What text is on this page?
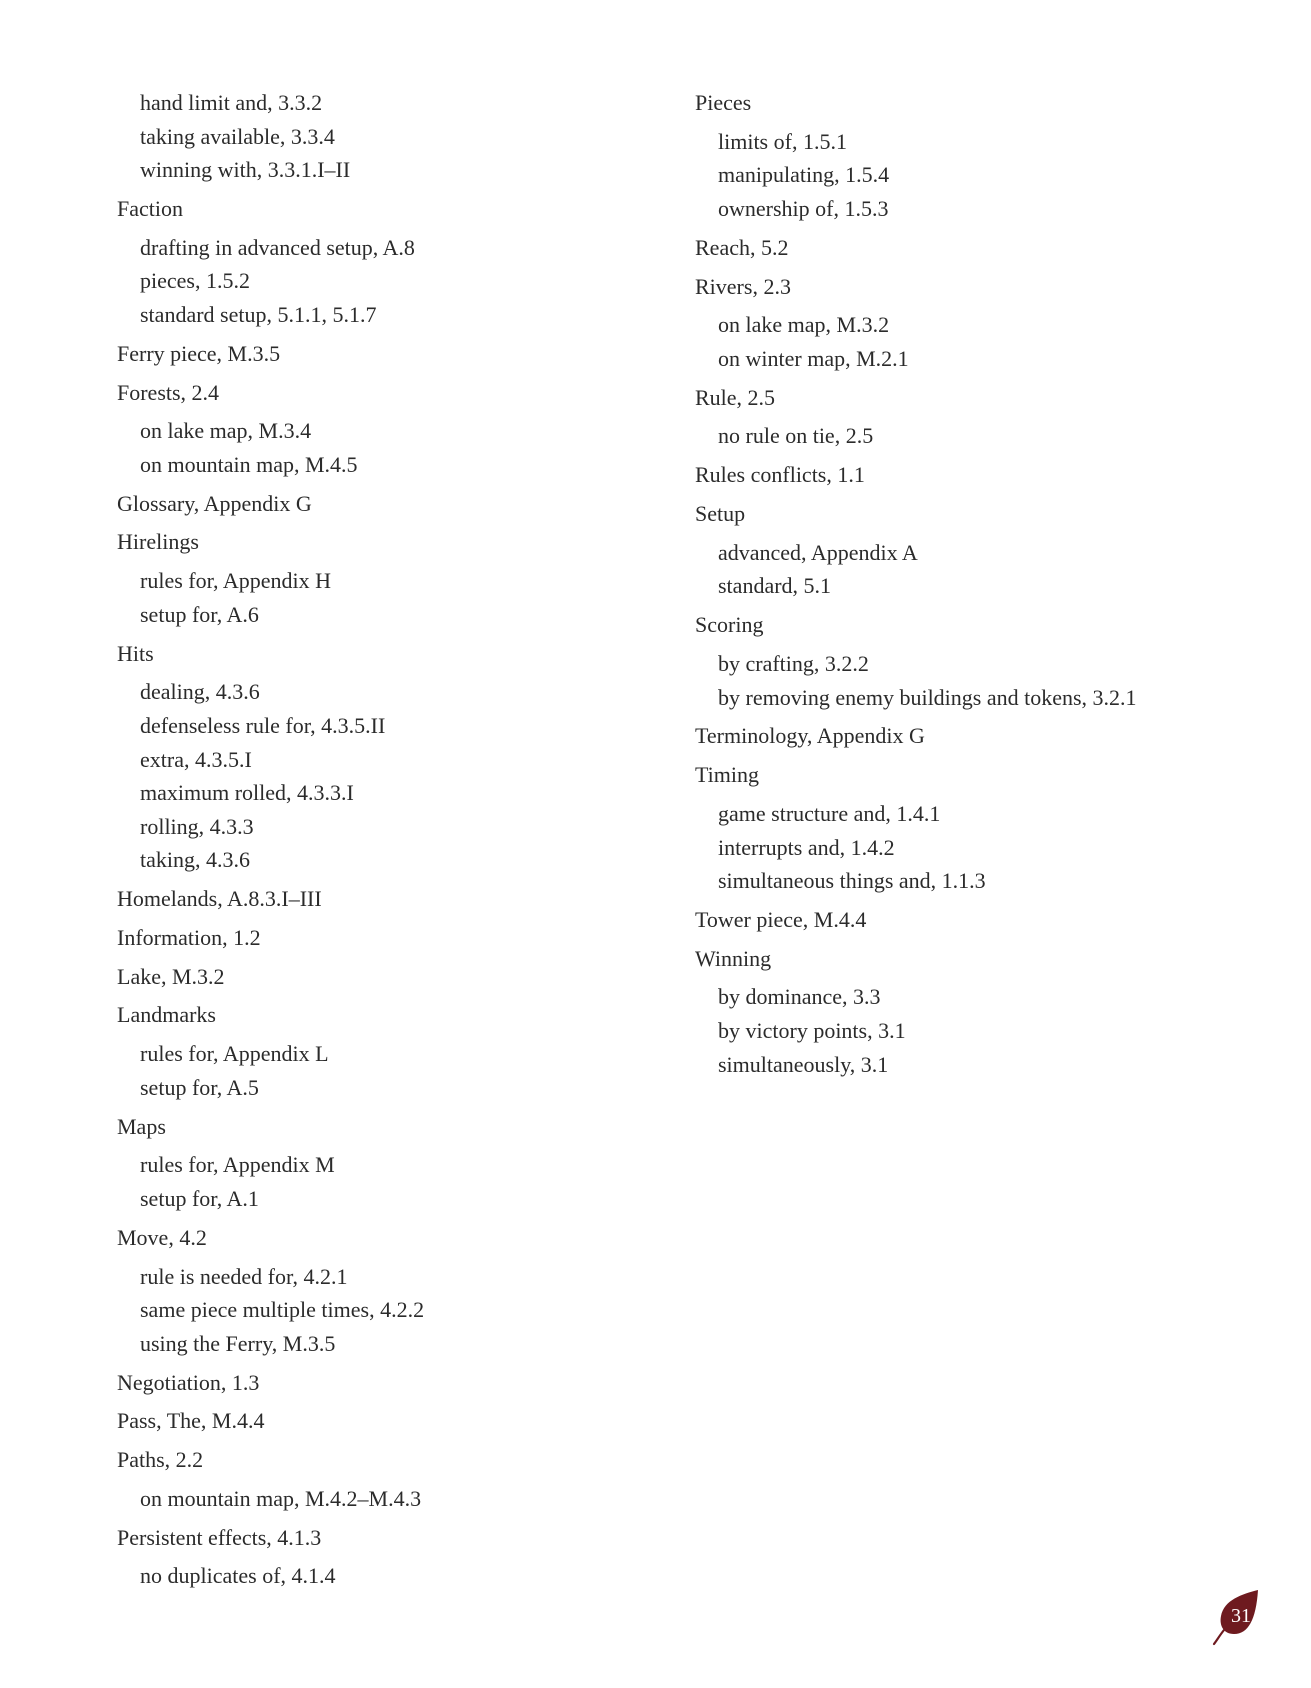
hand limit and, 3.3.2
taking available, 3.3.4
winning with, 3.3.1.I–II
Faction
drafting in advanced setup, A.8
pieces, 1.5.2
standard setup, 5.1.1, 5.1.7
Ferry piece, M.3.5
Forests, 2.4
on lake map, M.3.4
on mountain map, M.4.5
Glossary, Appendix G
Hirelings
rules for, Appendix H
setup for, A.6
Hits
dealing, 4.3.6
defenseless rule for, 4.3.5.II
extra, 4.3.5.I
maximum rolled, 4.3.3.I
rolling, 4.3.3
taking, 4.3.6
Homelands, A.8.3.I–III
Information, 1.2
Lake, M.3.2
Landmarks
rules for, Appendix L
setup for, A.5
Maps
rules for, Appendix M
setup for, A.1
Move, 4.2
rule is needed for, 4.2.1
same piece multiple times, 4.2.2
using the Ferry, M.3.5
Negotiation, 1.3
Pass, The, M.4.4
Paths, 2.2
on mountain map, M.4.2–M.4.3
Persistent effects, 4.1.3
no duplicates of, 4.1.4
Pieces
limits of, 1.5.1
manipulating, 1.5.4
ownership of, 1.5.3
Reach, 5.2
Rivers, 2.3
on lake map, M.3.2
on winter map, M.2.1
Rule, 2.5
no rule on tie, 2.5
Rules conflicts, 1.1
Setup
advanced, Appendix A
standard, 5.1
Scoring
by crafting, 3.2.2
by removing enemy buildings and tokens, 3.2.1
Terminology, Appendix G
Timing
game structure and, 1.4.1
interrupts and, 1.4.2
simultaneous things and, 1.1.3
Tower piece, M.4.4
Winning
by dominance, 3.3
by victory points, 3.1
simultaneously, 3.1
31
